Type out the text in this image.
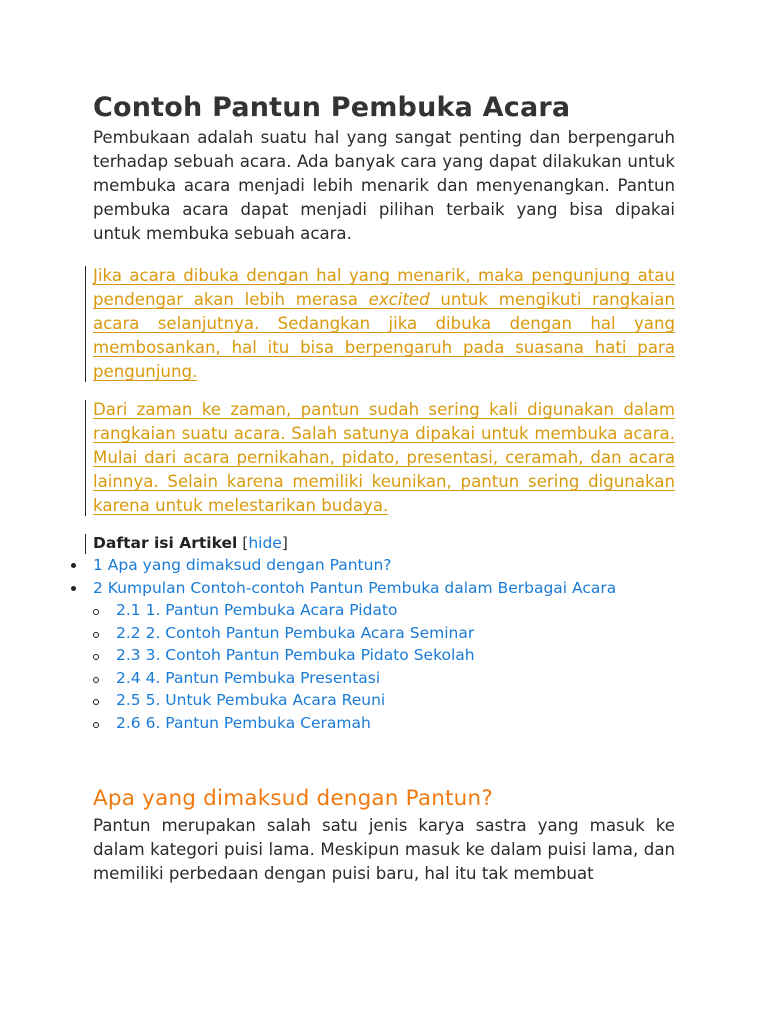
Contoh Pantun Pembuka Acara

Pembukaan adalah suatu hal yang sangat penting dan berpengaruh terhadap sebuah acara. Ada banyak cara yang dapat dilakukan untuk membuka acara menjadi lebih menarik dan menyenangkan. Pantun pembuka acara dapat menjadi pilihan terbaik yang bisa dipakai untuk membuka sebuah acara.

Jika acara dibuka dengan hal yang menarik, maka pengunjung atau pendengar akan lebih merasa excited untuk mengikuti rangkaian acara selanjutnya. Sedangkan jika dibuka dengan hal yang membosankan, hal itu bisa berpengaruh pada suasana hati para pengunjung.

Dari zaman ke zaman, pantun sudah sering kali digunakan dalam rangkaian suatu acara. Salah satunya dipakai untuk membuka acara. Mulai dari acara pernikahan, pidato, presentasi, ceramah, dan acara lainnya. Selain karena memiliki keunikan, pantun sering digunakan karena untuk melestarikan budaya.

Daftar isi Artikel [hide]
1 Apa yang dimaksud dengan Pantun?
2 Kumpulan Contoh-contoh Pantun Pembuka dalam Berbagai Acara
2.1 1. Pantun Pembuka Acara Pidato
2.2 2. Contoh Pantun Pembuka Acara Seminar
2.3 3. Contoh Pantun Pembuka Pidato Sekolah
2.4 4. Pantun Pembuka Presentasi
2.5 5. Untuk Pembuka Acara Reuni
2.6 6. Pantun Pembuka Ceramah
Apa yang dimaksud dengan Pantun?

Pantun merupakan salah satu jenis karya sastra yang masuk ke dalam kategori puisi lama. Meskipun masuk ke dalam puisi lama, dan memiliki perbedaan dengan puisi baru, hal itu tak membuat
